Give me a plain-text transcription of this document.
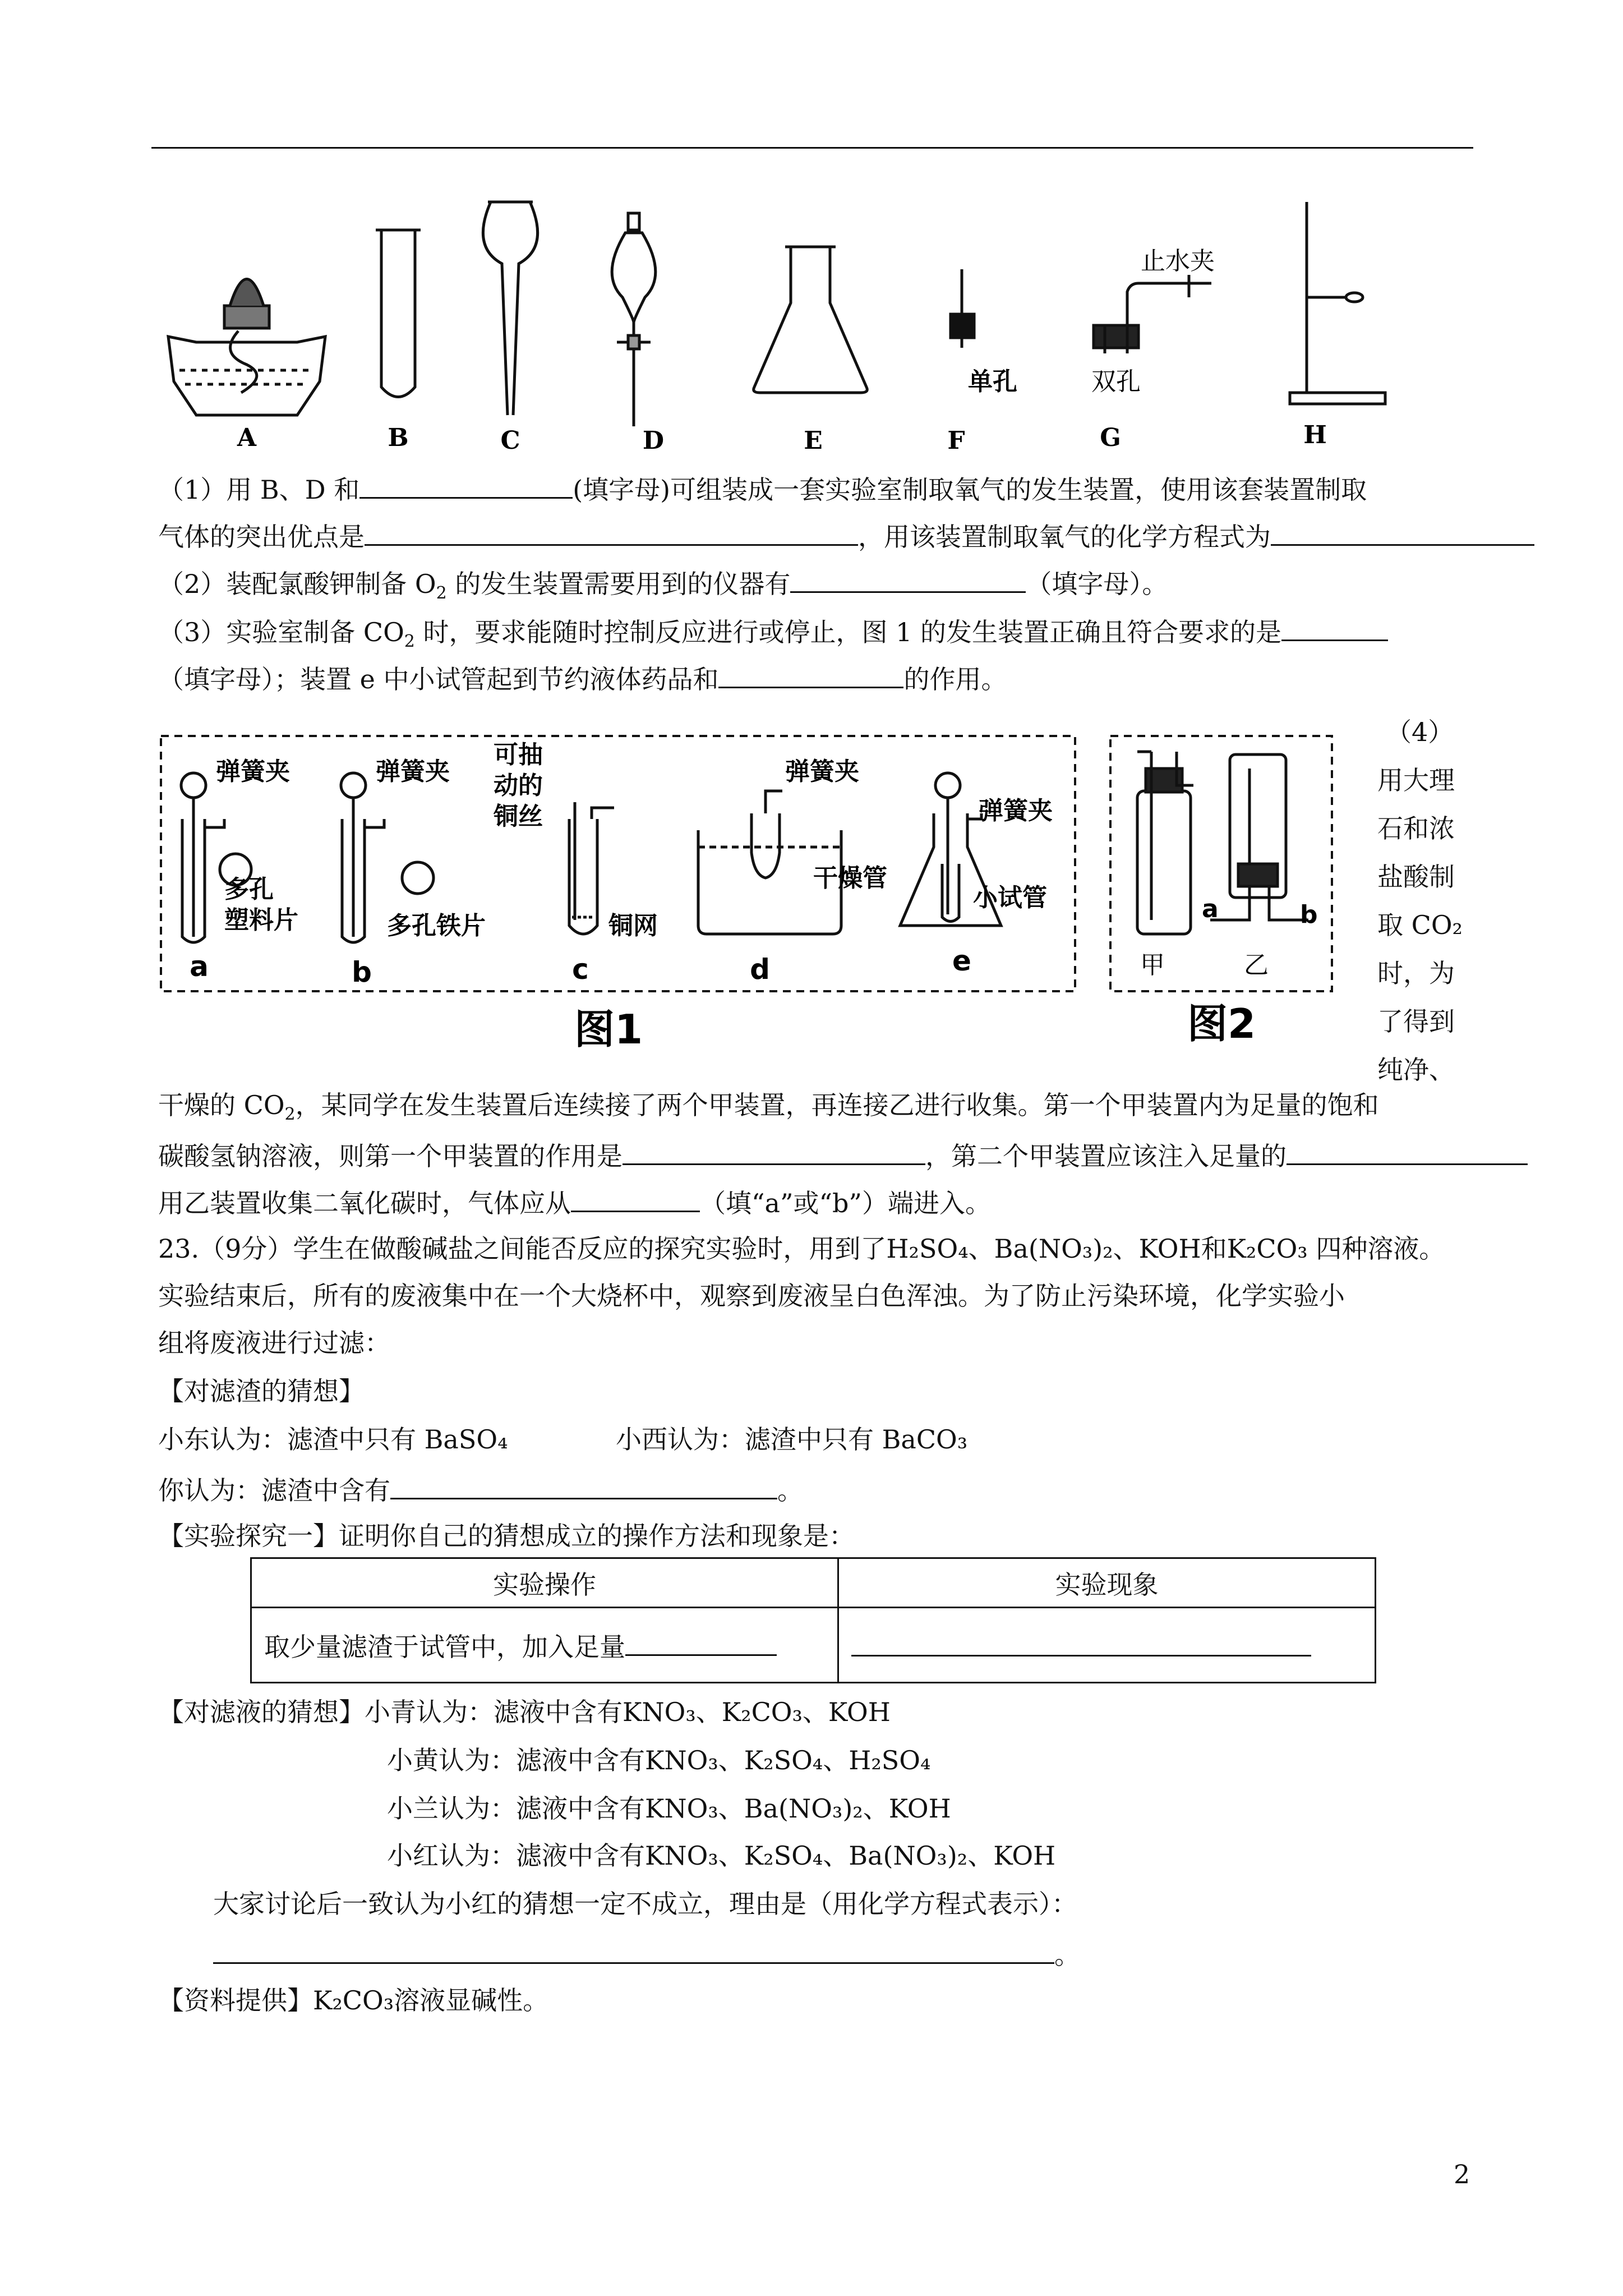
单孔	双孔
止水夹
A	B	C	D	E	F	G	H
（1）用 B、D 和	(填字母)可组装成一套实验室制取氧气的发生装置，使用该套装置制取
气体的突出优点是	，用该装置制取氧气的化学方程式为
（2）装配氯酸钾制备 $O_2$ 的发生装置需要用到的仪器有	（填字母）。
（3）实验室制备 $CO_2$ 时，要求能随时控制反应进行或停止，图 1 的发生装置正确且符合要求的是
（填字母）；装置 e 中小试管起到节约液体药品和	的作用。
弹簧夹	弹簧夹
多孔
塑料片	多孔铁片
可抽
动的
铜丝
铜网
弹簧夹
干燥管
弹簧夹
小试管
a	b	c	d	e
图1
a	b
甲	乙
图2
（4）
用大理
石和浓
盐酸制
取 CO₂
时，为
了得到
纯净、
干燥的 $CO_2$，某同学在发生装置后连续接了两个甲装置，再连接乙进行收集。第一个甲装置内为足量的饱和
碳酸氢钠溶液，则第一个甲装置的作用是	，第二个甲装置应该注入足量的
用乙装置收集二氧化碳时，气体应从	（填“a”或“b”）端进入。
23.（9分）学生在做酸碱盐之间能否反应的探究实验时，用到了H₂SO₄、Ba(NO₃)₂、KOH和K₂CO₃ 四种溶液。
实验结束后，所有的废液集中在一个大烧杯中，观察到废液呈白色浑浊。为了防止污染环境，化学实验小
组将废液进行过滤：
【对滤渣的猜想】
小东认为：滤渣中只有 BaSO₄	小西认为：滤渣中只有 BaCO₃
你认为：滤渣中含有	。
【实验探究一】证明你自己的猜想成立的操作方法和现象是：
实验操作	实验现象
取少量滤渣于试管中，加入足量	
【对滤液的猜想】小青认为：滤液中含有KNO₃、K₂CO₃、KOH
小黄认为：滤液中含有KNO₃、K₂SO₄、H₂SO₄
小兰认为：滤液中含有KNO₃、Ba(NO₃)₂、KOH
小红认为：滤液中含有KNO₃、K₂SO₄、Ba(NO₃)₂、KOH
大家讨论后一致认为小红的猜想一定不成立，理由是（用化学方程式表示）：
。
【资料提供】K₂CO₃溶液显碱性。
2
